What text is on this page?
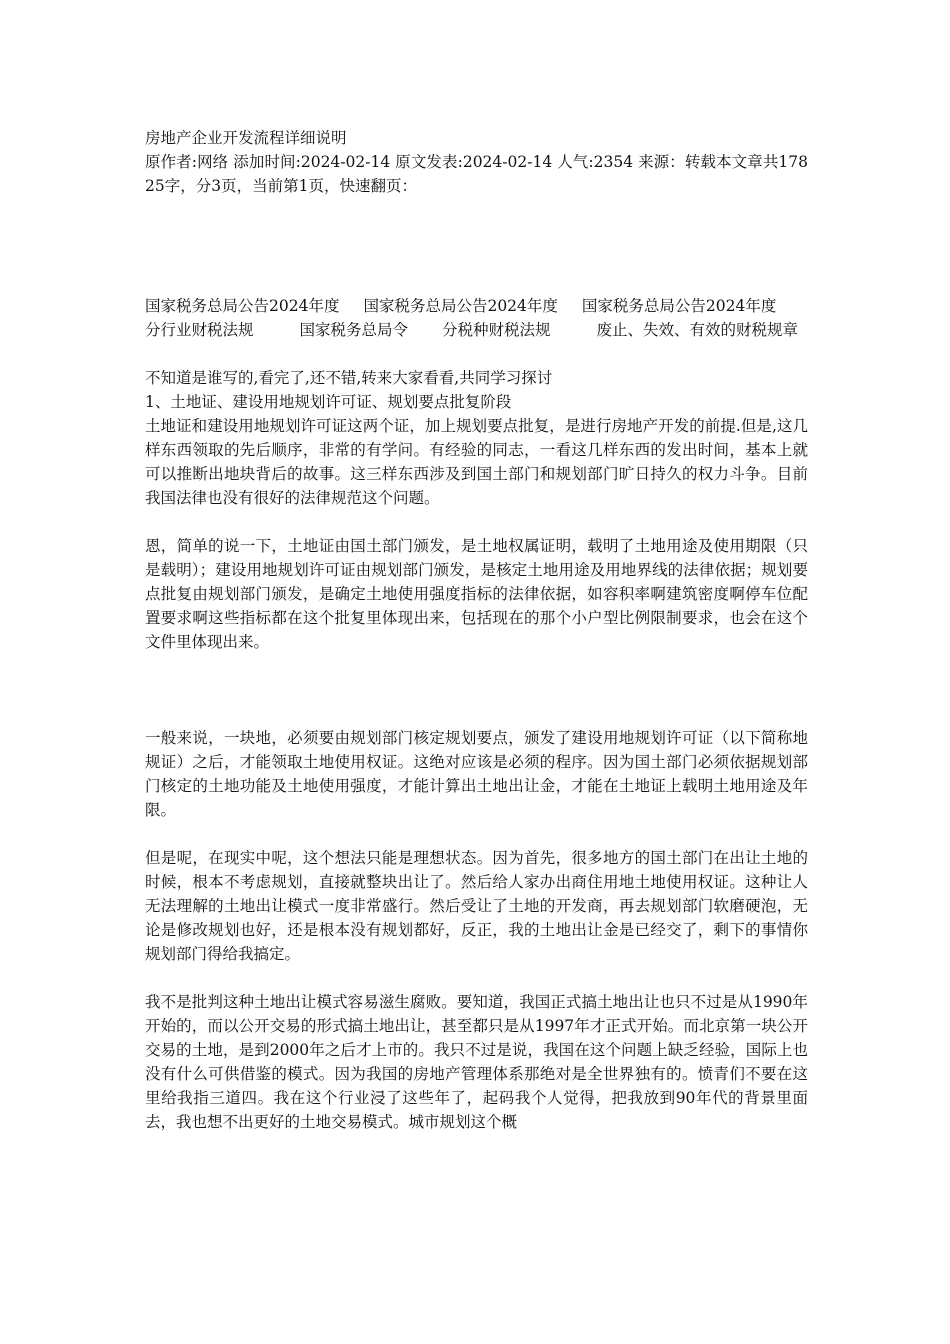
房地产企业开发流程详细说明

原作者:网络 添加时间:2024-02-14 原文发表:2024-02-14 人气:2354 来源：转载本文章共17825字，分3页，当前第1页，快速翻页：

国家税务总局公告2024年度 国家税务总局公告2024年度 国家税务总局公告2024年度

分行业财税法规	国家税务总局令 分税种财税法规	废止、失效、有效的财税规章

不知道是谁写的,看完了,还不错,转来大家看看,共同学习探讨

1、土地证、建设用地规划许可证、规划要点批复阶段

土地证和建设用地规划许可证这两个证，加上规划要点批复，是进行房地产开发的前提.但是,这几样东西领取的先后顺序，非常的有学问。有经验的同志，一看这几样东西的发出时间，基本上就可以推断出地块背后的故事。这三样东西涉及到国土部门和规划部门旷日持久的权力斗争。目前我国法律也没有很好的法律规范这个问题。

恩，简单的说一下，土地证由国土部门颁发，是土地权属证明，载明了土地用途及使用期限（只是载明）；建设用地规划许可证由规划部门颁发，是核定土地用途及用地界线的法律依据；规划要点批复由规划部门颁发，是确定土地使用强度指标的法律依据，如容积率啊建筑密度啊停车位配置要求啊这些指标都在这个批复里体现出来，包括现在的那个小户型比例限制要求，也会在这个文件里体现出来。

一般来说，一块地，必须要由规划部门核定规划要点，颁发了建设用地规划许可证（以下简称地规证）之后，才能领取土地使用权证。这绝对应该是必须的程序。因为国土部门必须依据规划部门核定的土地功能及土地使用强度，才能计算出土地出让金，才能在土地证上载明土地用途及年限。

但是呢，在现实中呢，这个想法只能是理想状态。因为首先，很多地方的国土部门在出让土地的时候，根本不考虑规划，直接就整块出让了。然后给人家办出商住用地土地使用权证。这种让人无法理解的土地出让模式一度非常盛行。然后受让了土地的开发商，再去规划部门软磨硬泡，无论是修改规划也好，还是根本没有规划都好，反正，我的土地出让金是已经交了，剩下的事情你规划部门得给我搞定。

我不是批判这种土地出让模式容易滋生腐败。要知道，我国正式搞土地出让也只不过是从1990年开始的，而以公开交易的形式搞土地出让，甚至都只是从1997年才正式开始。而北京第一块公开交易的土地，是到2000年之后才上市的。我只不过是说，我国在这个问题上缺乏经验，国际上也没有什么可供借鉴的模式。因为我国的房地产管理体系那绝对是全世界独有的。愤青们不要在这里给我指三道四。我在这个行业浸了这些年了，起码我个人觉得，把我放到90年代的背景里面去，我也想不出更好的土地交易模式。城市规划这个概
